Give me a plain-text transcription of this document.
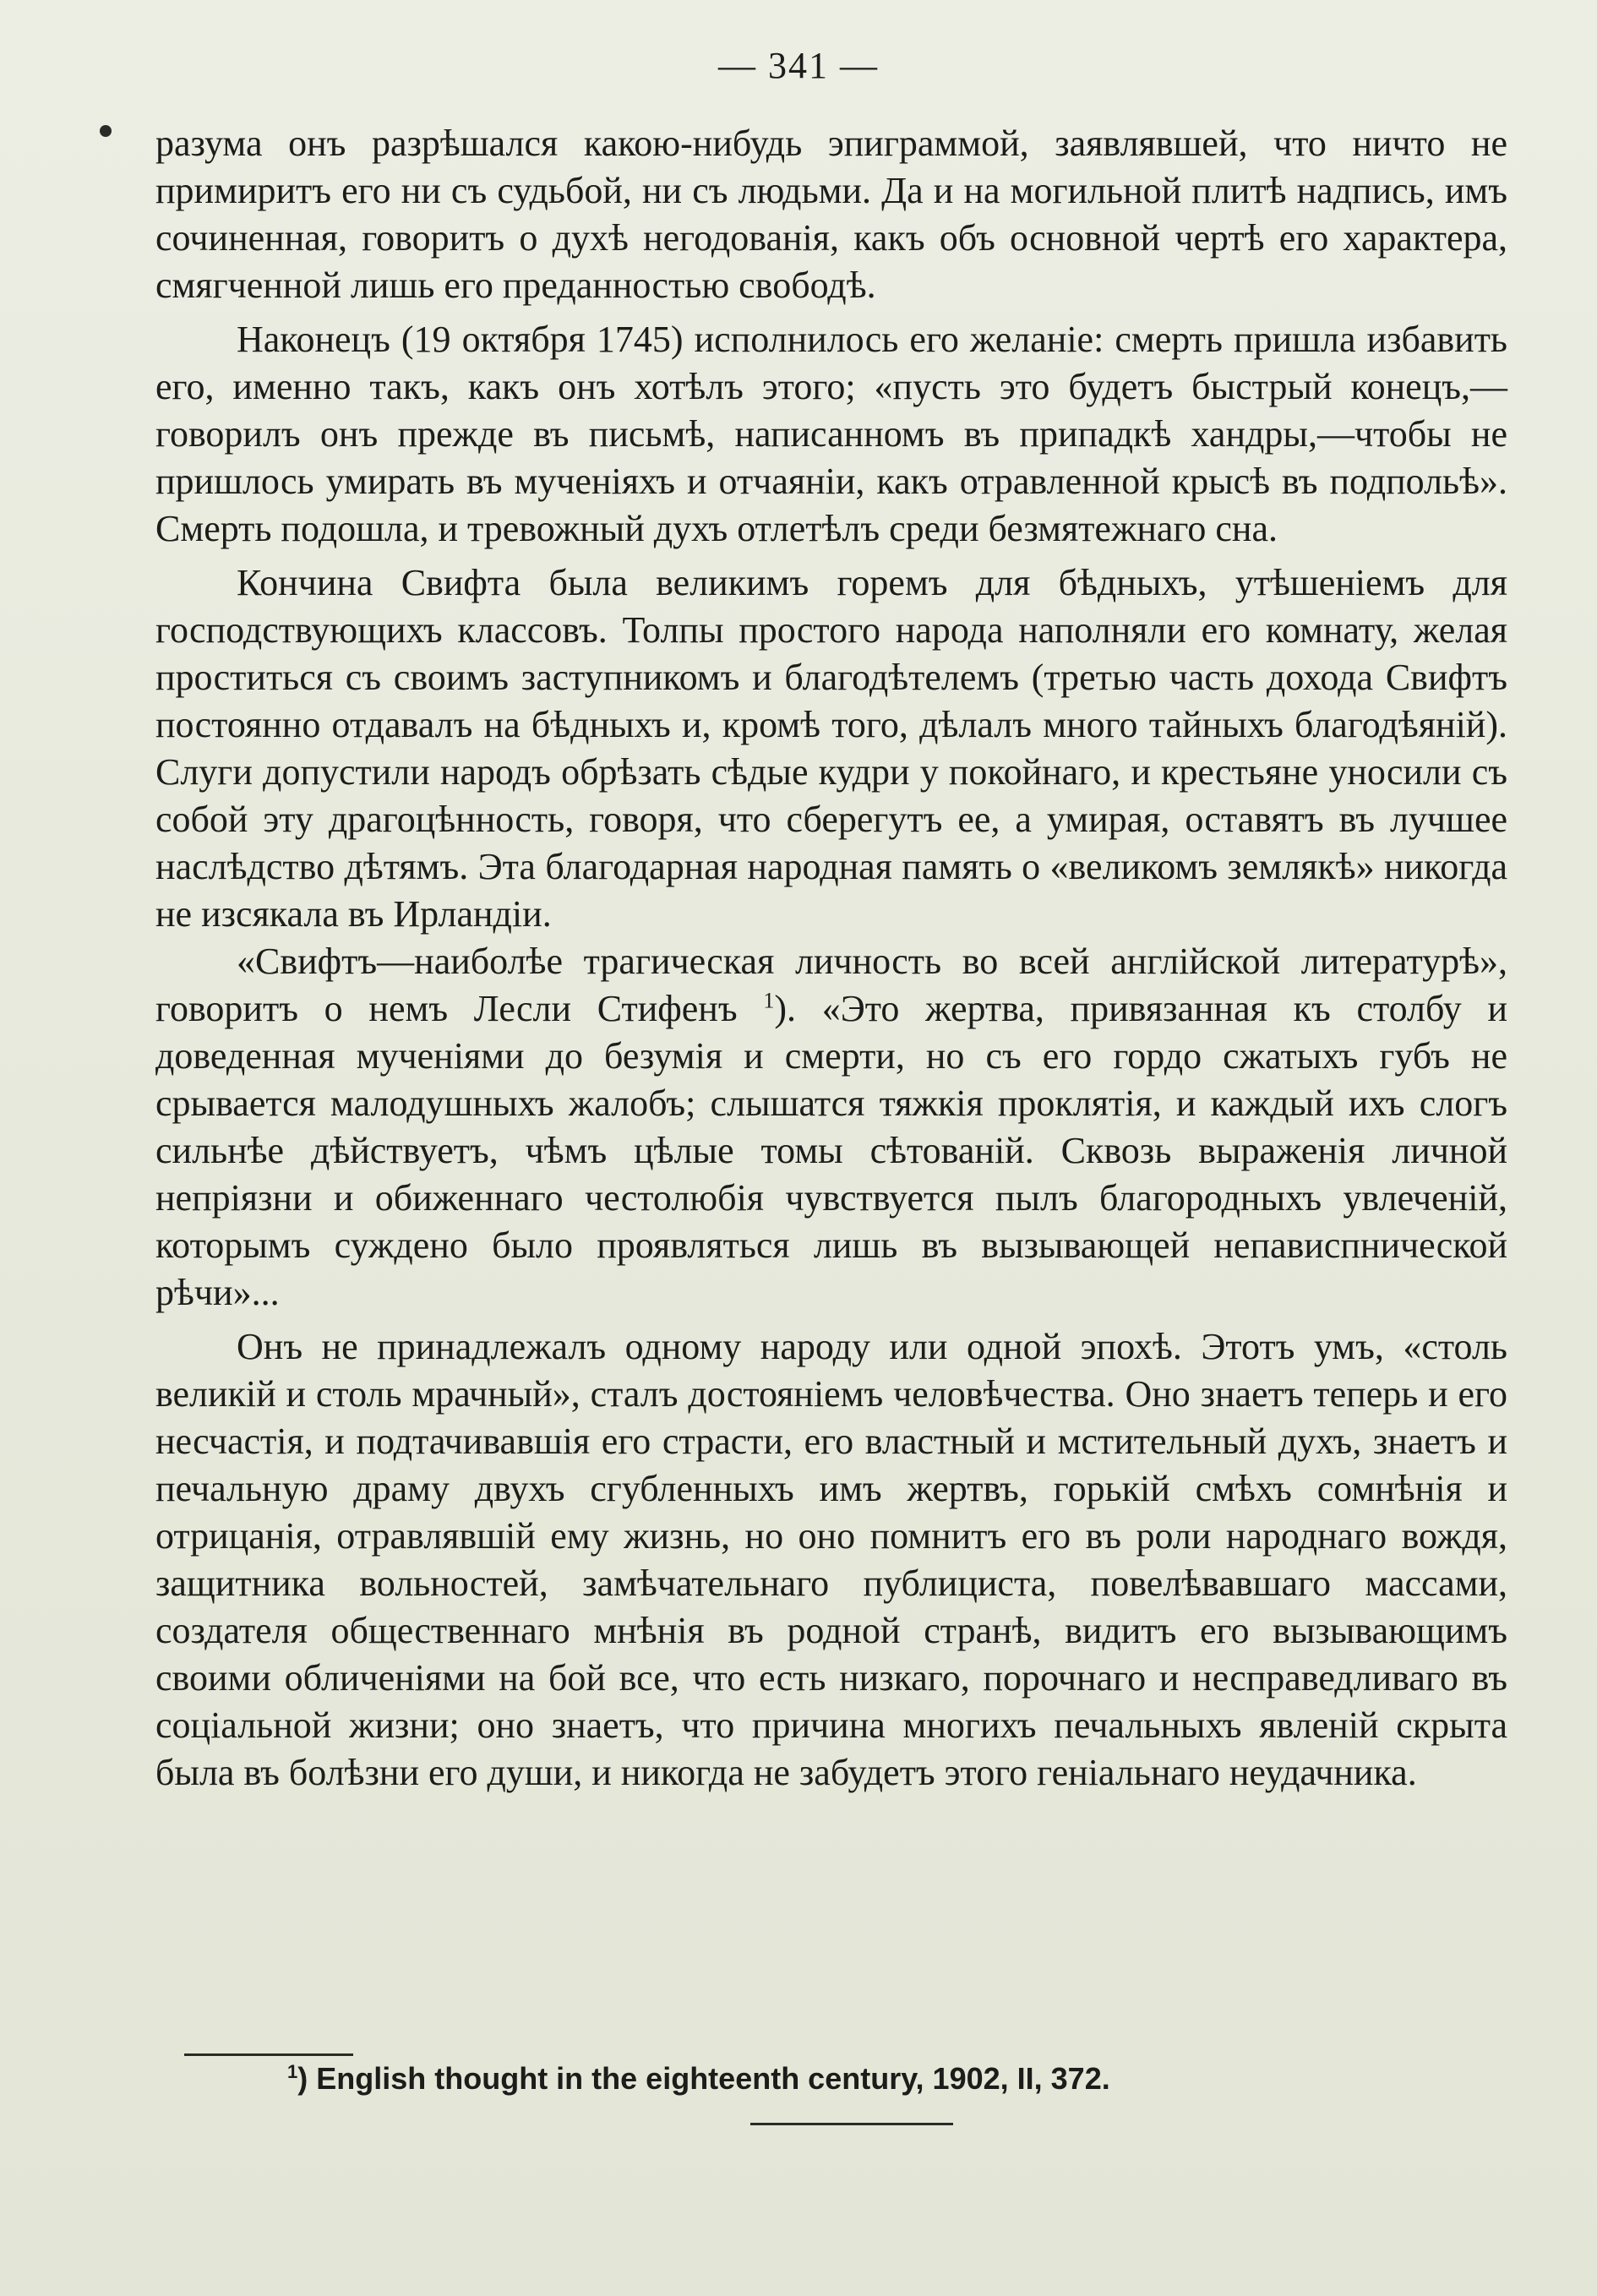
— 341 —

разума онъ разрѣшался какою-нибудь эпиграммой, заявлявшей, что ничто не примиритъ его ни съ судьбой, ни съ людьми. Да и на могильной плитѣ надпись, имъ сочиненная, говоритъ о духѣ негодованія, какъ объ основной чертѣ его характера, смягченной лишь его преданностью свободѣ.

Наконецъ (19 октября 1745) исполнилось его желаніе: смерть пришла избавить его, именно такъ, какъ онъ хотѣлъ этого; «пусть это будетъ быстрый конецъ,—говорилъ онъ прежде въ письмѣ, написанномъ въ припадкѣ хандры,—чтобы не пришлось умирать въ мученіяхъ и отчаяніи, какъ отравленной крысѣ въ подпольѣ». Смерть подошла, и тревожный духъ отлетѣлъ среди безмятежнаго сна.

Кончина Свифта была великимъ горемъ для бѣдныхъ, утѣшеніемъ для господствующихъ классовъ. Толпы простого народа наполняли его комнату, желая проститься съ своимъ заступникомъ и благодѣтелемъ (третью часть дохода Свифтъ постоянно отдавалъ на бѣдныхъ и, кромѣ того, дѣлалъ много тайныхъ благодѣяній). Слуги допустили народъ обрѣзать сѣдые кудри у покойнаго, и крестьяне уносили съ собой эту драгоцѣнность, говоря, что сберегутъ ее, а умирая, оставятъ въ лучшее наслѣдство дѣтямъ. Эта благодарная народная память о «великомъ землякѣ» никогда не изсякала въ Ирландіи.

«Свифтъ—наиболѣе трагическая личность во всей англійской литературѣ», говоритъ о немъ Лесли Стифенъ $^1$). «Это жертва, привязанная къ столбу и доведенная мученіями до безумія и смерти, но съ его гордо сжатыхъ губъ не срывается малодушныхъ жалобъ; слышатся тяжкія проклятія, и каждый ихъ слогъ сильнѣе дѣйствуетъ, чѣмъ цѣлые томы сѣтованій. Сквозь выраженія личной непріязни и обиженнаго честолюбія чувствуется пылъ благородныхъ увлеченій, которымъ суждено было проявляться лишь въ вызывающей непависпнической рѣчи»...

Онъ не принадлежалъ одному народу или одной эпохѣ. Этотъ умъ, «столь великій и столь мрачный», сталъ достояніемъ человѣчества. Оно знаетъ теперь и его несчастія, и подтачивавшія его страсти, его властный и мстительный духъ, знаетъ и печальную драму двухъ сгубленныхъ имъ жертвъ, горькій смѣхъ сомнѣнія и отрицанія, отравлявшій ему жизнь, но оно помнитъ его въ роли народнаго вождя, защитника вольностей, замѣчательнаго публициста, повелѣвавшаго массами, создателя общественнаго мнѣнія въ родной странѣ, видитъ его вызывающимъ своими обличеніями на бой все, что есть низкаго, порочнаго и несправедливаго въ соціальной жизни; оно знаетъ, что причина многихъ печальныхъ явленій скрыта была въ болѣзни его души, и никогда не забудетъ этого геніальнаго неудачника.

$^1$) English thought in the eighteenth century, 1902, II, 372.
